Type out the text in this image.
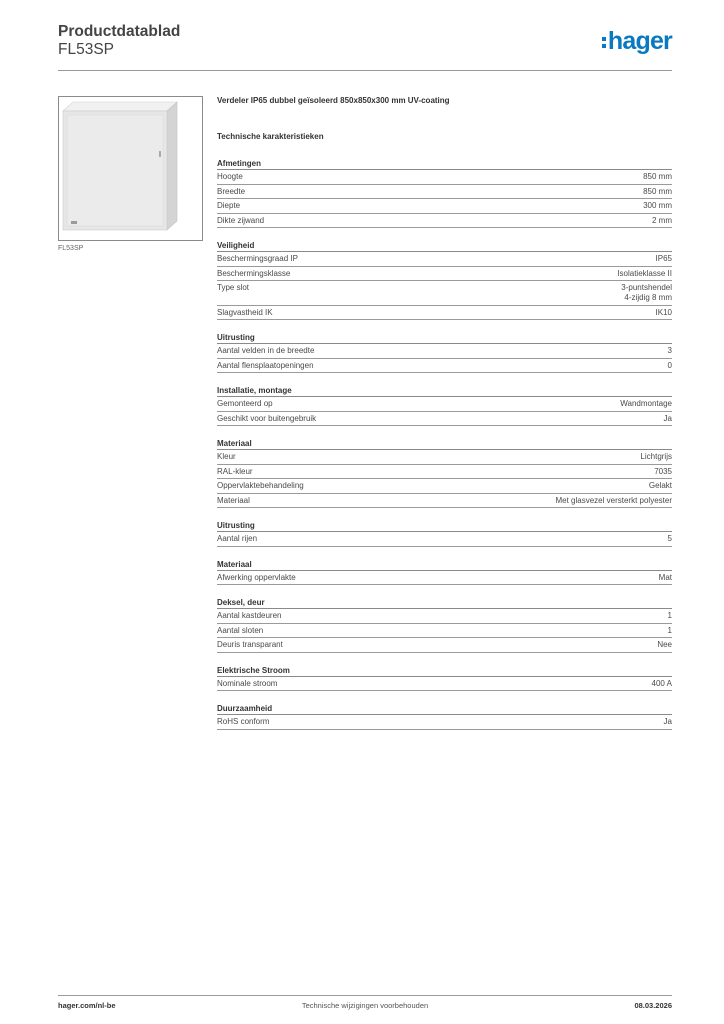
Productdatablad
FL53SP	hager
FL53SP
Verdeler IP65 dubbel geïsoleerd 850x850x300 mm UV-coating
Technische karakteristieken
Afmetingen
Hoogte	850 mm
Breedte	850 mm
Diepte	300 mm
Dikte zijwand	2 mm
Veiligheid
Beschermingsgraad IP	IP65
Beschermingsklasse	Isolatieklasse II
Type slot	3-puntshendel
4-zijdig 8 mm
Slagvastheid IK	IK10
Uitrusting
Aantal velden in de breedte	3
Aantal flensplaatopeningen	0
Installatie, montage
Gemonteerd op	Wandmontage
Geschikt voor buitengebruik	Ja
Materiaal
Kleur	Lichtgrijs
RAL-kleur	7035
Oppervlaktebehandeling	Gelakt
Materiaal	Met glasvezel versterkt polyester
Uitrusting
Aantal rijen	5
Materiaal
Afwerking oppervlakte	Mat
Deksel, deur
Aantal kastdeuren	1
Aantal sloten	1
Deuris transparant	Nee
Elektrische Stroom
Nominale stroom	400 A
Duurzaamheid
RoHS conform	Ja
hager.com/nl-be	Technische wijzigingen voorbehouden	08.03.2026
